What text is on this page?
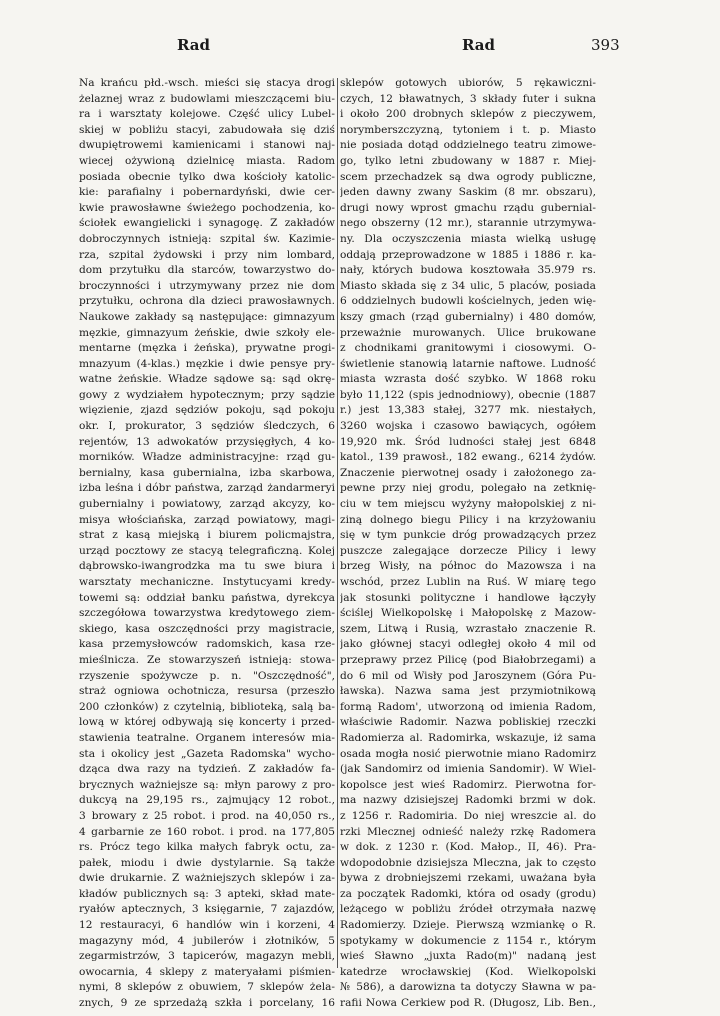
Rad	Rad	393
Na krańcu płd.-wsch. mieści się stacya drogi
żelaznej wraz z budowlami mieszczącemi biu-
ra i warsztaty kolejowe. Część ulicy Lubel-
skiej w pobliżu stacyi, zabudowała się dziś
dwupiętrowemi kamienicami i stanowi naj-
wiecej ożywioną dzielnicę miasta. Radom
posiada obecnie tylko dwa kościoły katolic-
kie: parafialny i pobernardyński, dwie cer-
kwie prawosławne świeżego pochodzenia, ko-
ściołek ewangielicki i synagogę. Z zakładów
dobroczynnych istnieją: szpital św. Kazimie-
rza, szpital żydowski i przy nim lombard,
dom przytułku dla starców, towarzystwo do-
broczynności i utrzymywany przez nie dom
przytułku, ochrona dla dzieci prawosławnych.
Naukowe zakłady są następujące: gimnazyum
męzkie, gimnazyum żeńskie, dwie szkoły ele-
mentarne (męzka i żeńska), prywatne progi-
mnazyum (4-klas.) męzkie i dwie pensye pry-
watne żeńskie. Władze sądowe są: sąd okrę-
gowy z wydziałem hypotecznym; przy sądzie
więzienie, zjazd sędziów pokoju, sąd pokoju
okr. I, prokurator, 3 sędziów śledczych, 6
rejentów, 13 adwokatów przysięgłych, 4 ko-
morników. Władze administracyjne: rząd gu-
bernialny, kasa gubernialna, izba skarbowa,
izba leśna i dóbr państwa, zarząd żandarmeryi
gubernialny i powiatowy, zarząd akcyzy, ko-
misya włościańska, zarząd powiatowy, magi-
strat z kasą miejską i biurem policmajstra,
urząd pocztowy ze stacyą telegraficzną. Kolej
dąbrowsko-iwangrodzka ma tu swe biura i
warsztaty mechaniczne. Instytucyami kredy-
towemi są: oddział banku państwa, dyrekcya
szczegółowa towarzystwa kredytowego ziem-
skiego, kasa oszczędności przy magistracie,
kasa przemysłowców radomskich, kasa rze-
mieślnicza. Ze stowarzyszeń istnieją: stowa-
rzyszenie spożywcze p. n. "Oszczędność",
straż ogniowa ochotnicza, resursa (przeszło
200 członków) z czytelnią, biblioteką, salą ba-
lową w której odbywają się koncerty i przed-
stawienia teatralne. Organem interesów mia-
sta i okolicy jest „Gazeta Radomska" wycho-
dząca dwa razy na tydzień. Z zakładów fa-
brycznych ważniejsze są: młyn parowy z pro-
dukcyą na 29,195 rs., zajmujący 12 robot.,
3 browary z 25 robot. i prod. na 40,050 rs.,
4 garbarnie ze 160 robot. i prod. na 177,805
rs. Prócz tego kilka małych fabryk octu, za-
pałek, miodu i dwie dystylarnie. Są także
dwie drukarnie. Z ważniejszych sklepów i za-
kładów publicznych są: 3 apteki, skład mate-
ryałów aptecznych, 3 księgarnie, 7 zajazdów,
12 restauracyi, 6 handlów win i korzeni, 4
magazyny mód, 4 jubilerów i złotników, 5
zegarmistrzów, 3 tapicerów, magazyn mebli,
owocarnia, 4 sklepy z materyałami piśmien-
nymi, 8 sklepów z obuwiem, 7 sklepów żela-
znych, 9 ze sprzedażą szkła i porcelany, 16
sklepów gotowych ubiorów, 5 rękawiczni-
czych, 12 bławatnych, 3 składy futer i sukna
i około 200 drobnych sklepów z pieczywem,
norymberszczyzną, tytoniem i t. p. Miasto
nie posiada dotąd oddzielnego teatru zimowe-
go, tylko letni zbudowany w 1887 r. Miej-
scem przechadzek są dwa ogrody publiczne,
jeden dawny zwany Saskim (8 mr. obszaru),
drugi nowy wprost gmachu rządu gubernial-
nego obszerny (12 mr.), starannie utrzymywa-
ny. Dla oczyszczenia miasta wielką usługę
oddają przeprowadzone w 1885 i 1886 r. ka-
nały, których budowa kosztowała 35.979 rs.
Miasto składa się z 34 ulic, 5 placów, posiada
6 oddzielnych budowli kościelnych, jeden wię-
kszy gmach (rząd gubernialny) i 480 domów,
przeważnie murowanych. Ulice brukowane
z chodnikami granitowymi i ciosowymi. O-
świetlenie stanowią latarnie naftowe. Ludność
miasta wzrasta dość szybko. W 1868 roku
było 11,122 (spis jednodniowy), obecnie (1887
r.) jest 13,383 stałej, 3277 mk. niestałych,
3260 wojska i czasowo bawiących, ogółem
19,920 mk. Śród ludności stałej jest 6848
katol., 139 prawosł., 182 ewang., 6214 żydów.
Znaczenie pierwotnej osady i założonego za-
pewne przy niej grodu, polegało na zetknię-
ciu w tem miejscu wyżyny małopolskiej z ni-
ziną dolnego biegu Pilicy i na krzyżowaniu
się w tym punkcie dróg prowadzących przez
puszcze zalegające dorzecze Pilicy i lewy
brzeg Wisły, na północ do Mazowsza i na
wschód, przez Lublin na Ruś. W miarę tego
jak stosunki polityczne i handlowe łączyły
ściślej Wielkopolskę i Małopolskę z Mazow-
szem, Litwą i Rusią, wzrastało znaczenie R.
jako głównej stacyi odległej około 4 mil od
przeprawy przez Pilicę (pod Białobrzegami) a
do 6 mil od Wisły pod Jaroszynem (Góra Pu-
ławska). Nazwa sama jest przymiotnikową
formą Radom', utworzoną od imienia Radom,
właściwie Radomir. Nazwa pobliskiej rzeczki
Radomierza al. Radomirka, wskazuje, iż sama
osada mogła nosić pierwotnie miano Radomirz
(jak Sandomirz od imienia Sandomir). W Wiel-
kopolsce jest wieś Radomirz. Pierwotna for-
ma nazwy dzisiejszej Radomki brzmi w dok.
z 1256 r. Radomiria. Do niej wreszcie al. do
rzki Mlecznej odnieść należy rzkę Radomera
w dok. z 1230 r. (Kod. Małop., II, 46). Pra-
wdopodobnie dzisiejsza Mleczna, jak to często
bywa z drobniejszemi rzekami, uważana była
za początek Radomki, która od osady (grodu)
leżącego w pobliżu źródeł otrzymała nazwę
Radomierzy. Dzieje. Pierwszą wzmiankę o R.
spotykamy w dokumencie z 1154 r., którym
wieś Sławno „juxta Rado(m)" nadaną jest
katedrze wrocławskiej (Kod. Wielkopolski
№ 586), a darowizna ta dotyczy Sławna w pa-
rafii Nowa Cerkiew pod R. (Długosz, Lib. Ben.,
